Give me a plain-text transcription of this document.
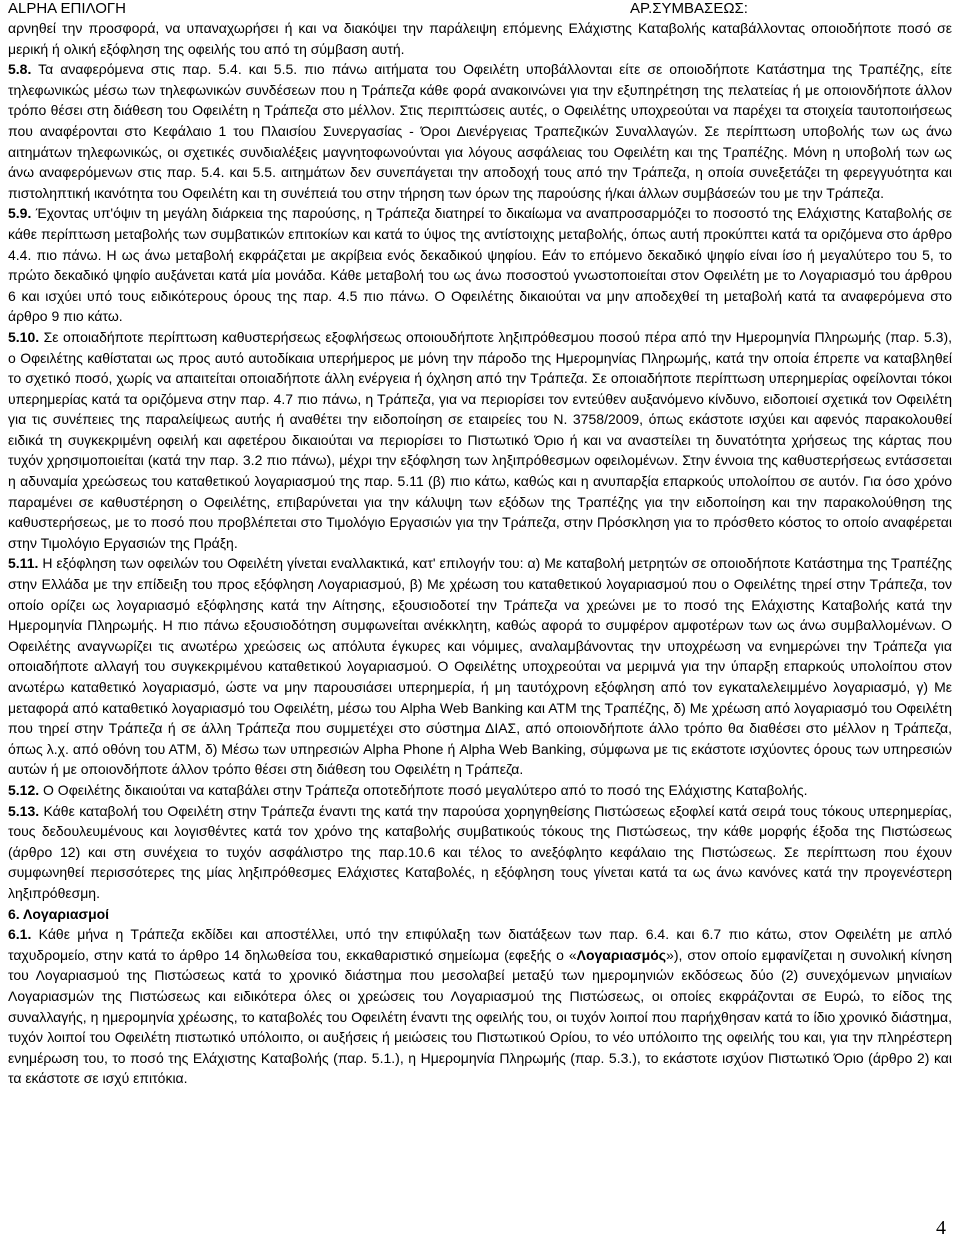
ALPHA ΕΠΙΛΟΓΗ	ΑΡ.ΣΥΜΒΑΣΕΩΣ:

αρνηθεί την προσφορά, να υπαναχωρήσει ή και να διακόψει την παράλειψη επόμενης Ελάχιστης Καταβολής καταβάλλοντας οποιοδήποτε ποσό σε μερική ή ολική εξόφληση της οφειλής του από τη σύμβαση αυτή.

5.8. Τα αναφερόμενα στις παρ. 5.4. και 5.5. πιο πάνω αιτήματα του Οφειλέτη υποβάλλονται είτε σε οποιοδήποτε Κατάστημα της Τραπέζης, είτε τηλεφωνικώς μέσω των τηλεφωνικών συνδέσεων που η Τράπεζα κάθε φορά ανακοινώνει για την εξυπηρέτηση της πελατείας ή με οποιονδήποτε άλλον τρόπο θέσει στη διάθεση του Οφειλέτη η Τράπεζα στο μέλλον. Στις περιπτώσεις αυτές, ο Οφειλέτης υποχρεούται να παρέχει τα στοιχεία ταυτοποιήσεως που αναφέρονται στο Κεφάλαιο 1 του Πλαισίου Συνεργασίας - Όροι Διενέργειας Τραπεζικών Συναλλαγών. Σε περίπτωση υποβολής των ως άνω αιτημάτων τηλεφωνικώς, οι σχετικές συνδιαλέξεις μαγνητοφωνούνται για λόγους ασφάλειας του Οφειλέτη και της Τραπέζης. Μόνη η υποβολή των ως άνω αναφερόμενων στις παρ. 5.4. και 5.5. αιτημάτων δεν συνεπάγεται την αποδοχή τους από την Τράπεζα, η οποία συνεξετάζει τη φερεγγυότητα και πιστοληπτική ικανότητα του Οφειλέτη και τη συνέπειά του στην τήρηση των όρων της παρούσης ή/και άλλων συμβάσεών του με την Τράπεζα.

5.9. Έχοντας υπ'όψιν τη μεγάλη διάρκεια της παρούσης, η Τράπεζα διατηρεί το δικαίωμα να αναπροσαρμόζει το ποσοστό της Ελάχιστης Καταβολής σε κάθε περίπτωση μεταβολής των συμβατικών επιτοκίων και κατά το ύψος της αντίστοιχης μεταβολής, όπως αυτή προκύπτει κατά τα οριζόμενα στο άρθρο 4.4. πιο πάνω. Η ως άνω μεταβολή εκφράζεται με ακρίβεια ενός δεκαδικού ψηφίου. Εάν το επόμενο δεκαδικό ψηφίο είναι ίσο ή μεγαλύτερο του 5, το πρώτο δεκαδικό ψηφίο αυξάνεται κατά μία μονάδα. Κάθε μεταβολή του ως άνω ποσοστού γνωστοποιείται στον Οφειλέτη με το Λογαριασμό του άρθρου 6 και ισχύει υπό τους ειδικότερους όρους της παρ. 4.5 πιο πάνω. Ο Οφειλέτης δικαιούται να μην αποδεχθεί τη μεταβολή κατά τα αναφερόμενα στο άρθρο 9 πιο κάτω.

5.10. Σε οποιαδήποτε περίπτωση καθυστερήσεως εξοφλήσεως οποιουδήποτε ληξιπρόθεσμου ποσού πέρα από την Ημερομηνία Πληρωμής (παρ. 5.3), ο Οφειλέτης καθίσταται ως προς αυτό αυτοδίκαια υπερήμερος με μόνη την πάροδο της Ημερομηνίας Πληρωμής, κατά την οποία έπρεπε να καταβληθεί το σχετικό ποσό, χωρίς να απαιτείται οποιαδήποτε άλλη ενέργεια ή όχληση από την Τράπεζα. Σε οποιαδήποτε περίπτωση υπερημερίας οφείλονται τόκοι υπερημερίας κατά τα οριζόμενα στην παρ. 4.7 πιο πάνω, η Τράπεζα, για να περιορίσει τον εντεύθεν αυξανόμενο κίνδυνο, ειδοποιεί σχετικά τον Οφειλέτη για τις συνέπειες της παραλείψεως αυτής ή αναθέτει την ειδοποίηση σε εταιρείες του Ν. 3758/2009, όπως εκάστοτε ισχύει και αφενός παρακολουθεί ειδικά τη συγκεκριμένη οφειλή και αφετέρου δικαιούται να περιορίσει το Πιστωτικό Όριο ή και να αναστείλει τη δυνατότητα χρήσεως της κάρτας που τυχόν χρησιμοποιείται (κατά την παρ. 3.2 πιο πάνω), μέχρι την εξόφληση των ληξιπρόθεσμων οφειλομένων. Στην έννοια της καθυστερήσεως εντάσσεται η αδυναμία χρεώσεως του καταθετικού λογαριασμού της παρ. 5.11 (β) πιο κάτω, καθώς και η ανυπαρξία επαρκούς υπολοίπου σε αυτόν. Για όσο χρόνο παραμένει σε καθυστέρηση ο Οφειλέτης, επιβαρύνεται για την κάλυψη των εξόδων της Τραπέζης για την ειδοποίηση και την παρακολούθηση της καθυστερήσεως, με το ποσό που προβλέπεται στο Τιμολόγιο Εργασιών για την Τράπεζα, στην Πρόσκληση για το πρόσθετο κόστος το οποίο αναφέρεται στην Τιμολόγιο Εργασιών της Πράξη.

5.11. Η εξόφληση των οφειλών του Οφειλέτη γίνεται εναλλακτικά, κατ' επιλογήν του: α) Με καταβολή μετρητών σε οποιοδήποτε Κατάστημα της Τραπέζης στην Ελλάδα με την επίδειξη του προς εξόφληση Λογαριασμού, β) Με χρέωση του καταθετικού λογαριασμού που ο Οφειλέτης τηρεί στην Τράπεζα, τον οποίο ορίζει ως λογαριασμό εξόφλησης κατά την Αίτησης, εξουσιοδοτεί την Τράπεζα να χρεώνει με το ποσό της Ελάχιστης Καταβολής κατά την Ημερομηνία Πληρωμής. Η πιο πάνω εξουσιοδότηση συμφωνείται ανέκκλητη, καθώς αφορά το συμφέρον αμφοτέρων των ως άνω συμβαλλομένων. Ο Οφειλέτης αναγνωρίζει τις ανωτέρω χρεώσεις ως απόλυτα έγκυρες και νόμιμες, αναλαμβάνοντας την υποχρέωση να ενημερώνει την Τράπεζα για οποιαδήποτε αλλαγή του συγκεκριμένου καταθετικού λογαριασμού. Ο Οφειλέτης υποχρεούται να μεριμνά για την ύπαρξη επαρκούς υπολοίπου στον ανωτέρω καταθετικό λογαριασμό, ώστε να μην παρουσιάσει υπερημερία, ή μη ταυτόχρονη εξόφληση από τον εγκαταλελειμμένο λογαριασμό, γ) Με μεταφορά από καταθετικό λογαριασμό του Οφειλέτη, μέσω του Alpha Web Banking και ΑΤΜ της Τραπέζης, δ) Με χρέωση από λογαριασμό του Οφειλέτη που τηρεί στην Τράπεζα ή σε άλλη Τράπεζα που συμμετέχει στο σύστημα ΔΙΑΣ, από οποιονδήποτε άλλο τρόπο θα διαθέσει στο μέλλον η Τράπεζα, όπως λ.χ. από οθόνη του ΑΤΜ, δ) Μέσω των υπηρεσιών Alpha Phone ή Alpha Web Banking, σύμφωνα με τις εκάστοτε ισχύοντες όρους των υπηρεσιών αυτών ή με οποιονδήποτε άλλον τρόπο θέσει στη διάθεση του Οφειλέτη η Τράπεζα.

5.12. Ο Οφειλέτης δικαιούται να καταβάλει στην Τράπεζα οποτεδήποτε ποσό μεγαλύτερο από το ποσό της Ελάχιστης Καταβολής.

5.13. Κάθε καταβολή του Οφειλέτη στην Τράπεζα έναντι της κατά την παρούσα χορηγηθείσης Πιστώσεως εξοφλεί κατά σειρά τους τόκους υπερημερίας, τους δεδουλευμένους και λογισθέντες κατά τον χρόνο της καταβολής συμβατικούς τόκους της Πιστώσεως, την κάθε μορφής έξοδα της Πιστώσεως (άρθρο 12) και στη συνέχεια το τυχόν ασφάλιστρο της παρ.10.6 και τέλος το ανεξόφλητο κεφάλαιο της Πιστώσεως. Σε περίπτωση που έχουν συμφωνηθεί περισσότερες της μίας ληξιπρόθεσμες Ελάχιστες Καταβολές, η εξόφληση τους γίνεται κατά τα ως άνω κανόνες κατά την προγενέστερη ληξιπρόθεσμη.

6. Λογαριασμοί

6.1. Κάθε μήνα η Τράπεζα εκδίδει και αποστέλλει, υπό την επιφύλαξη των διατάξεων των παρ. 6.4. και 6.7 πιο κάτω, στον Οφειλέτη με απλό ταχυδρομείο, στην κατά το άρθρο 14 δηλωθείσα του, εκκαθαριστικό σημείωμα (εφεξής ο «Λογαριασμός»), στον οποίο εμφανίζεται η συνολική κίνηση του Λογαριασμού της Πιστώσεως κατά το χρονικό διάστημα που μεσολαβεί μεταξύ των ημερομηνιών εκδόσεως δύο (2) συνεχόμενων μηνιαίων Λογαριασμών της Πιστώσεως και ειδικότερα όλες οι χρεώσεις του Λογαριασμού της Πιστώσεως, οι οποίες εκφράζονται σε Ευρώ, το είδος της συναλλαγής, η ημερομηνία χρέωσης, το καταβολές του Οφειλέτη έναντι της οφειλής του, οι τυχόν λοιποί που παρήχθησαν κατά το ίδιο χρονικό διάστημα, τυχόν λοιποί του Οφειλέτη πιστωτικό υπόλοιπο, οι αυξήσεις ή μειώσεις του Πιστωτικού Ορίου, το νέο υπόλοιπο της οφειλής του και, για την πληρέστερη ενημέρωση του, το ποσό της Ελάχιστης Καταβολής (παρ. 5.1.), η Ημερομηνία Πληρωμής (παρ. 5.3.), το εκάστοτε ισχύον Πιστωτικό Όριο (άρθρο 2) και τα εκάστοτε σε ισχύ επιτόκια.

4
